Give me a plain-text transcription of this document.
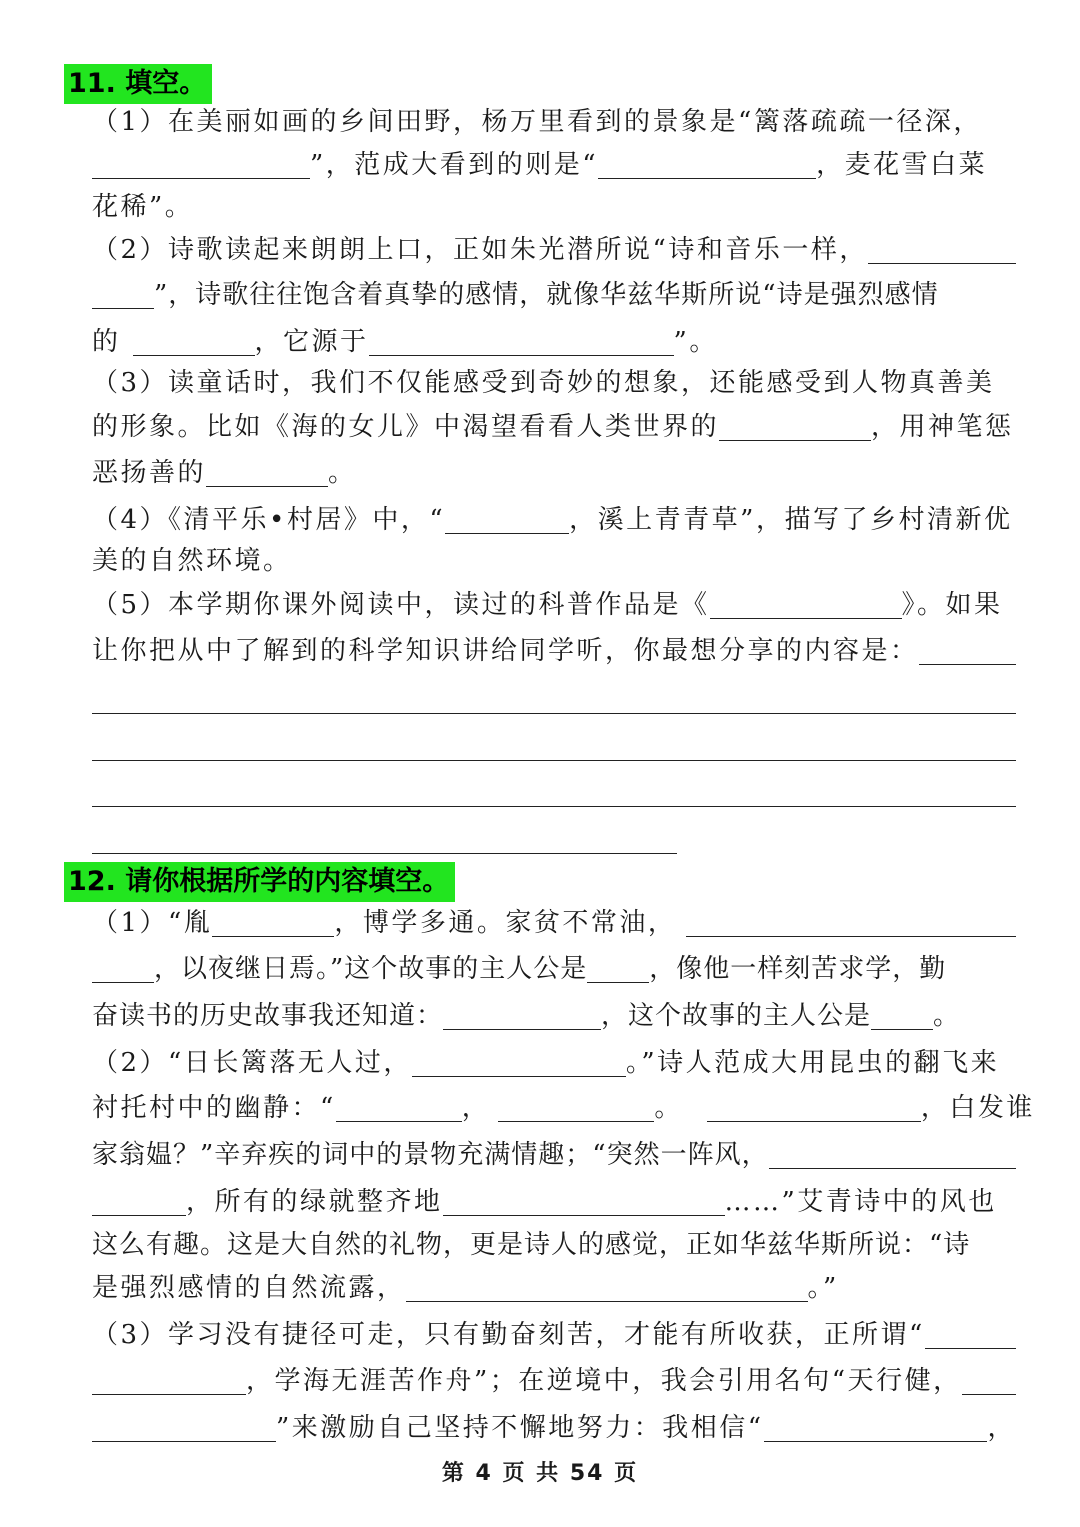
11. 填空。
（1）在美丽如画的乡间田野，杨万里看到的景象是“篱落疏疏一径深，
”，范成大看到的则是“	，麦花雪白菜
花稀”。
（2）诗歌读起来朗朗上口，正如朱光潜所说“诗和音乐一样，
”，诗歌往往饱含着真挚的感情，就像华兹华斯所说“诗是强烈感情
的	，它源于	”。
（3）读童话时，我们不仅能感受到奇妙的想象，还能感受到人物真善美
的形象。比如《海的女儿》中渴望看看人类世界的	，用神笔惩
恶扬善的	。
（4）《清平乐•村居》中，“	，溪上青青草”，描写了乡村清新优
美的自然环境。
（5）本学期你课外阅读中，读过的科普作品是《	》。如果
让你把从中了解到的科学知识讲给同学听，你最想分享的内容是：
12. 请你根据所学的内容填空。
（1）“胤	，博学多通。家贫不常油，
，以夜继日焉。”这个故事的主人公是 ，像他一样刻苦求学，勤
奋读书的历史故事我还知道：	，这个故事的主人公是 。
（2）“日长篱落无人过，	。”诗人范成大用昆虫的翻飞来
衬托村中的幽静：“	，	。	，白发谁
家翁媪？”辛弃疾的词中的景物充满情趣；“突然一阵风，
，所有的绿就整齐地	……”艾青诗中的风也
这么有趣。这是大自然的礼物，更是诗人的感觉，正如华兹华斯所说：“诗
是强烈感情的自然流露，	。”
（3）学习没有捷径可走，只有勤奋刻苦，才能有所收获，正所谓“
，学海无涯苦作舟”；在逆境中，我会引用名句“天行健，
”来激励自己坚持不懈地努力：我相信“	，
第 4 页 共 54 页
